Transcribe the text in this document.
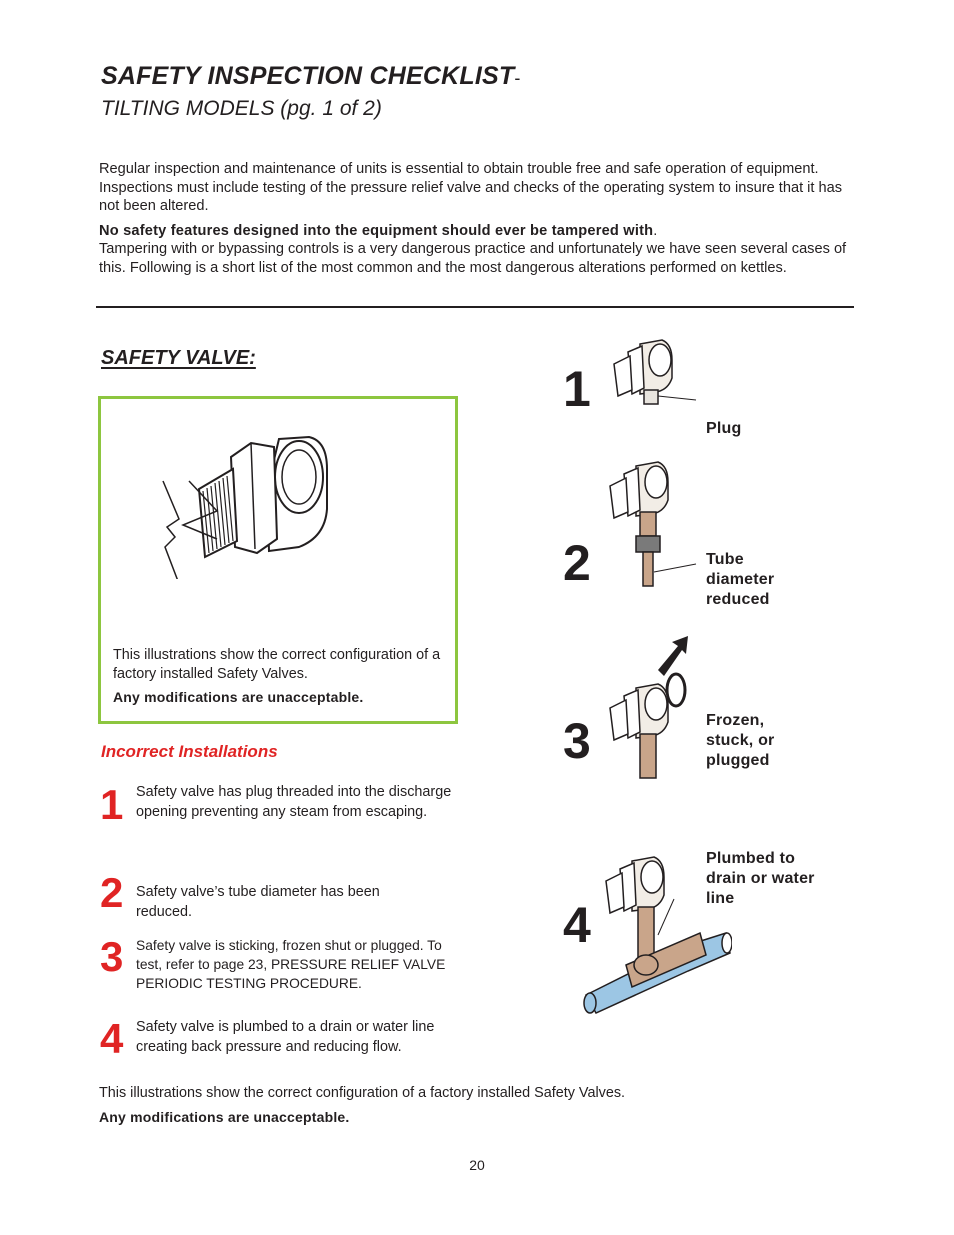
SAFETY INSPECTION CHECKLIST-
TILTING MODELS (pg. 1 of 2)

Regular inspection and maintenance of units is essential to obtain trouble free and safe operation of equipment. Inspections must include testing of the pressure relief valve and checks of the operating system to insure that it has not been altered.

No safety features designed into the equipment should ever be tampered with.

Tampering with or bypassing controls is a very dangerous practice and unfortunately we have seen several cases of this. Following is a short list of the most common and the most dangerous alterations performed on kettles.

SAFETY VALVE:

This illustrations show the correct configuration of a factory installed Safety Valves.

Any modifications are unacceptable.

Incorrect Installations
1 Safety valve has plug threaded into the discharge opening preventing any steam from escaping.
2 Safety valve’s tube diameter has been reduced.
3 Safety valve is sticking, frozen shut or plugged. To test, refer to page 23, PRESSURE RELIEF VALVE PERIODIC TESTING PROCEDURE.
4 Safety valve is plumbed to a drain or water line creating back pressure and reducing flow.
1
Plug
2	Tube diameter reduced
3	Frozen, stuck, or plugged
4
Plumbed to drain or water line
This illustrations show the correct configuration of a factory installed Safety Valves.
Any modifications are unacceptable.
20
